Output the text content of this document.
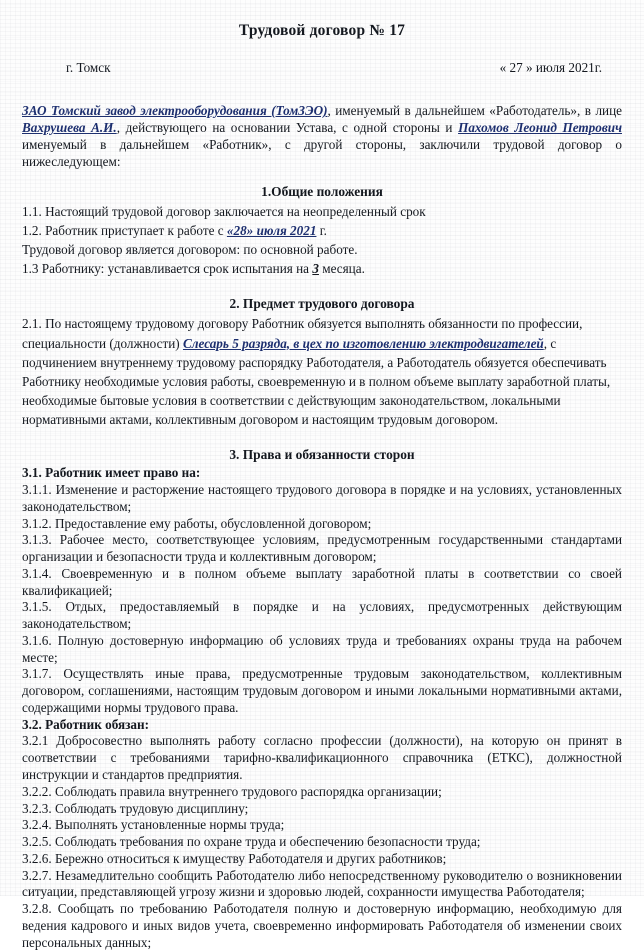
Трудовой договор № 17
г. Томск	« 27 » июля 2021г.

ЗАО Томский завод электрооборудования (ТомЗЭО), именуемый в дальнейшем «Работодатель», в лице Вахрушева А.И., действующего на основании Устава, с одной стороны и Пахомов Леонид Петрович именуемый в дальнейшем «Работник», с другой стороны, заключили трудовой договор о нижеследующем:

1.Общие положения

1.1. Настоящий трудовой договор заключается на неопределенный срок

1.2. Работник приступает к работе с «28» июля 2021 г.

Трудовой договор является договором: по основной работе.

1.3 Работнику: устанавливается срок испытания на 3 месяца.

2. Предмет трудового договора

2.1. По настоящему трудовому договору Работник обязуется выполнять обязанности по профессии, специальности (должности) Слесарь 5 разряда, в цех по изготовлению электродвигателей, с подчинением внутреннему трудовому распорядку Работодателя, а Работодатель обязуется обеспечивать Работнику необходимые условия работы, своевременную и в полном объеме выплату заработной платы, необходимые бытовые условия в соответствии с действующим законодательством, локальными нормативными актами, коллективным договором и настоящим трудовым договором.

3. Права и обязанности сторон

3.1. Работник имеет право на:

3.1.1. Изменение и расторжение настоящего трудового договора в порядке и на условиях, установленных законодательством;

3.1.2. Предоставление ему работы, обусловленной договором;

3.1.3. Рабочее место, соответствующее условиям, предусмотренным государственными стандартами организации и безопасности труда и коллективным договором;

3.1.4. Своевременную и в полном объеме выплату заработной платы в соответствии со своей квалификацией;

3.1.5. Отдых, предоставляемый в порядке и на условиях, предусмотренных действующим законодательством;

3.1.6. Полную достоверную информацию об условиях труда и требованиях охраны труда на рабочем месте;

3.1.7. Осуществлять иные права, предусмотренные трудовым законодательством, коллективным договором, соглашениями, настоящим трудовым договором и иными локальными нормативными актами, содержащими нормы трудового права.

3.2. Работник обязан:

3.2.1 Добросовестно выполнять работу согласно профессии (должности), на которую он принят в соответствии с требованиями тарифно-квалификационного справочника (ЕТКС), должностной инструкции и стандартов предприятия.

3.2.2. Соблюдать правила внутреннего трудового распорядка организации;

3.2.3. Соблюдать трудовую дисциплину;

3.2.4. Выполнять установленные нормы труда;

3.2.5. Соблюдать требования по охране труда и обеспечению безопасности труда;

3.2.6. Бережно относиться к имуществу Работодателя и других работников;

3.2.7. Незамедлительно сообщить Работодателю либо непосредственному руководителю о возникновении ситуации, представляющей угрозу жизни и здоровью людей, сохранности имущества Работодателя;

3.2.8. Сообщать по требованию Работодателя полную и достоверную информацию, необходимую для ведения кадрового и иных видов учета, своевременно информировать Работодателя об изменении своих персональных данных;
